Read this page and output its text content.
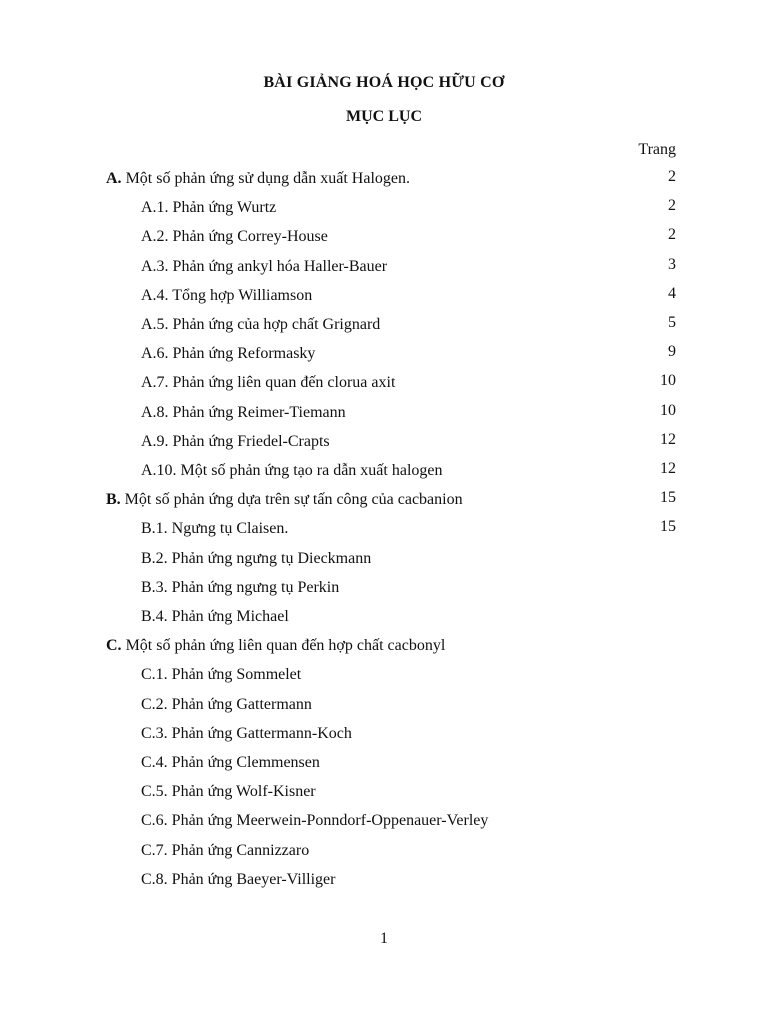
BÀI GIẢNG HOÁ HỌC HỮU CƠ
MỤC LỤC
Trang
A. Một số phản ứng sử dụng dẫn xuất Halogen.	2
A.1. Phản ứng Wurtz	2
A.2. Phản ứng Correy-House	2
A.3. Phản ứng ankyl hóa Haller-Bauer	3
A.4. Tổng hợp Williamson	4
A.5. Phản ứng của hợp chất Grignard	5
A.6. Phản ứng Reformasky	9
A.7. Phản ứng liên quan đến clorua axit	10
A.8. Phản ứng Reimer-Tiemann	10
A.9. Phản ứng Friedel-Crapts	12
A.10. Một số phản ứng tạo ra dẫn xuất halogen	12
B. Một số phản ứng dựa trên sự tấn công của cacbanion	15
B.1. Ngưng tụ Claisen.	15
B.2. Phản ứng ngưng tụ Dieckmann
B.3. Phản ứng ngưng tụ Perkin
B.4. Phản ứng Michael
C. Một số phản ứng liên quan đến hợp chất cacbonyl
C.1. Phản ứng Sommelet
C.2. Phản ứng Gattermann
C.3. Phản ứng Gattermann-Koch
C.4. Phản ứng Clemmensen
C.5. Phản ứng Wolf-Kisner
C.6. Phản ứng Meerwein-Ponndorf-Oppenauer-Verley
C.7. Phản ứng Cannizzaro
C.8. Phản ứng Baeyer-Villiger
1
